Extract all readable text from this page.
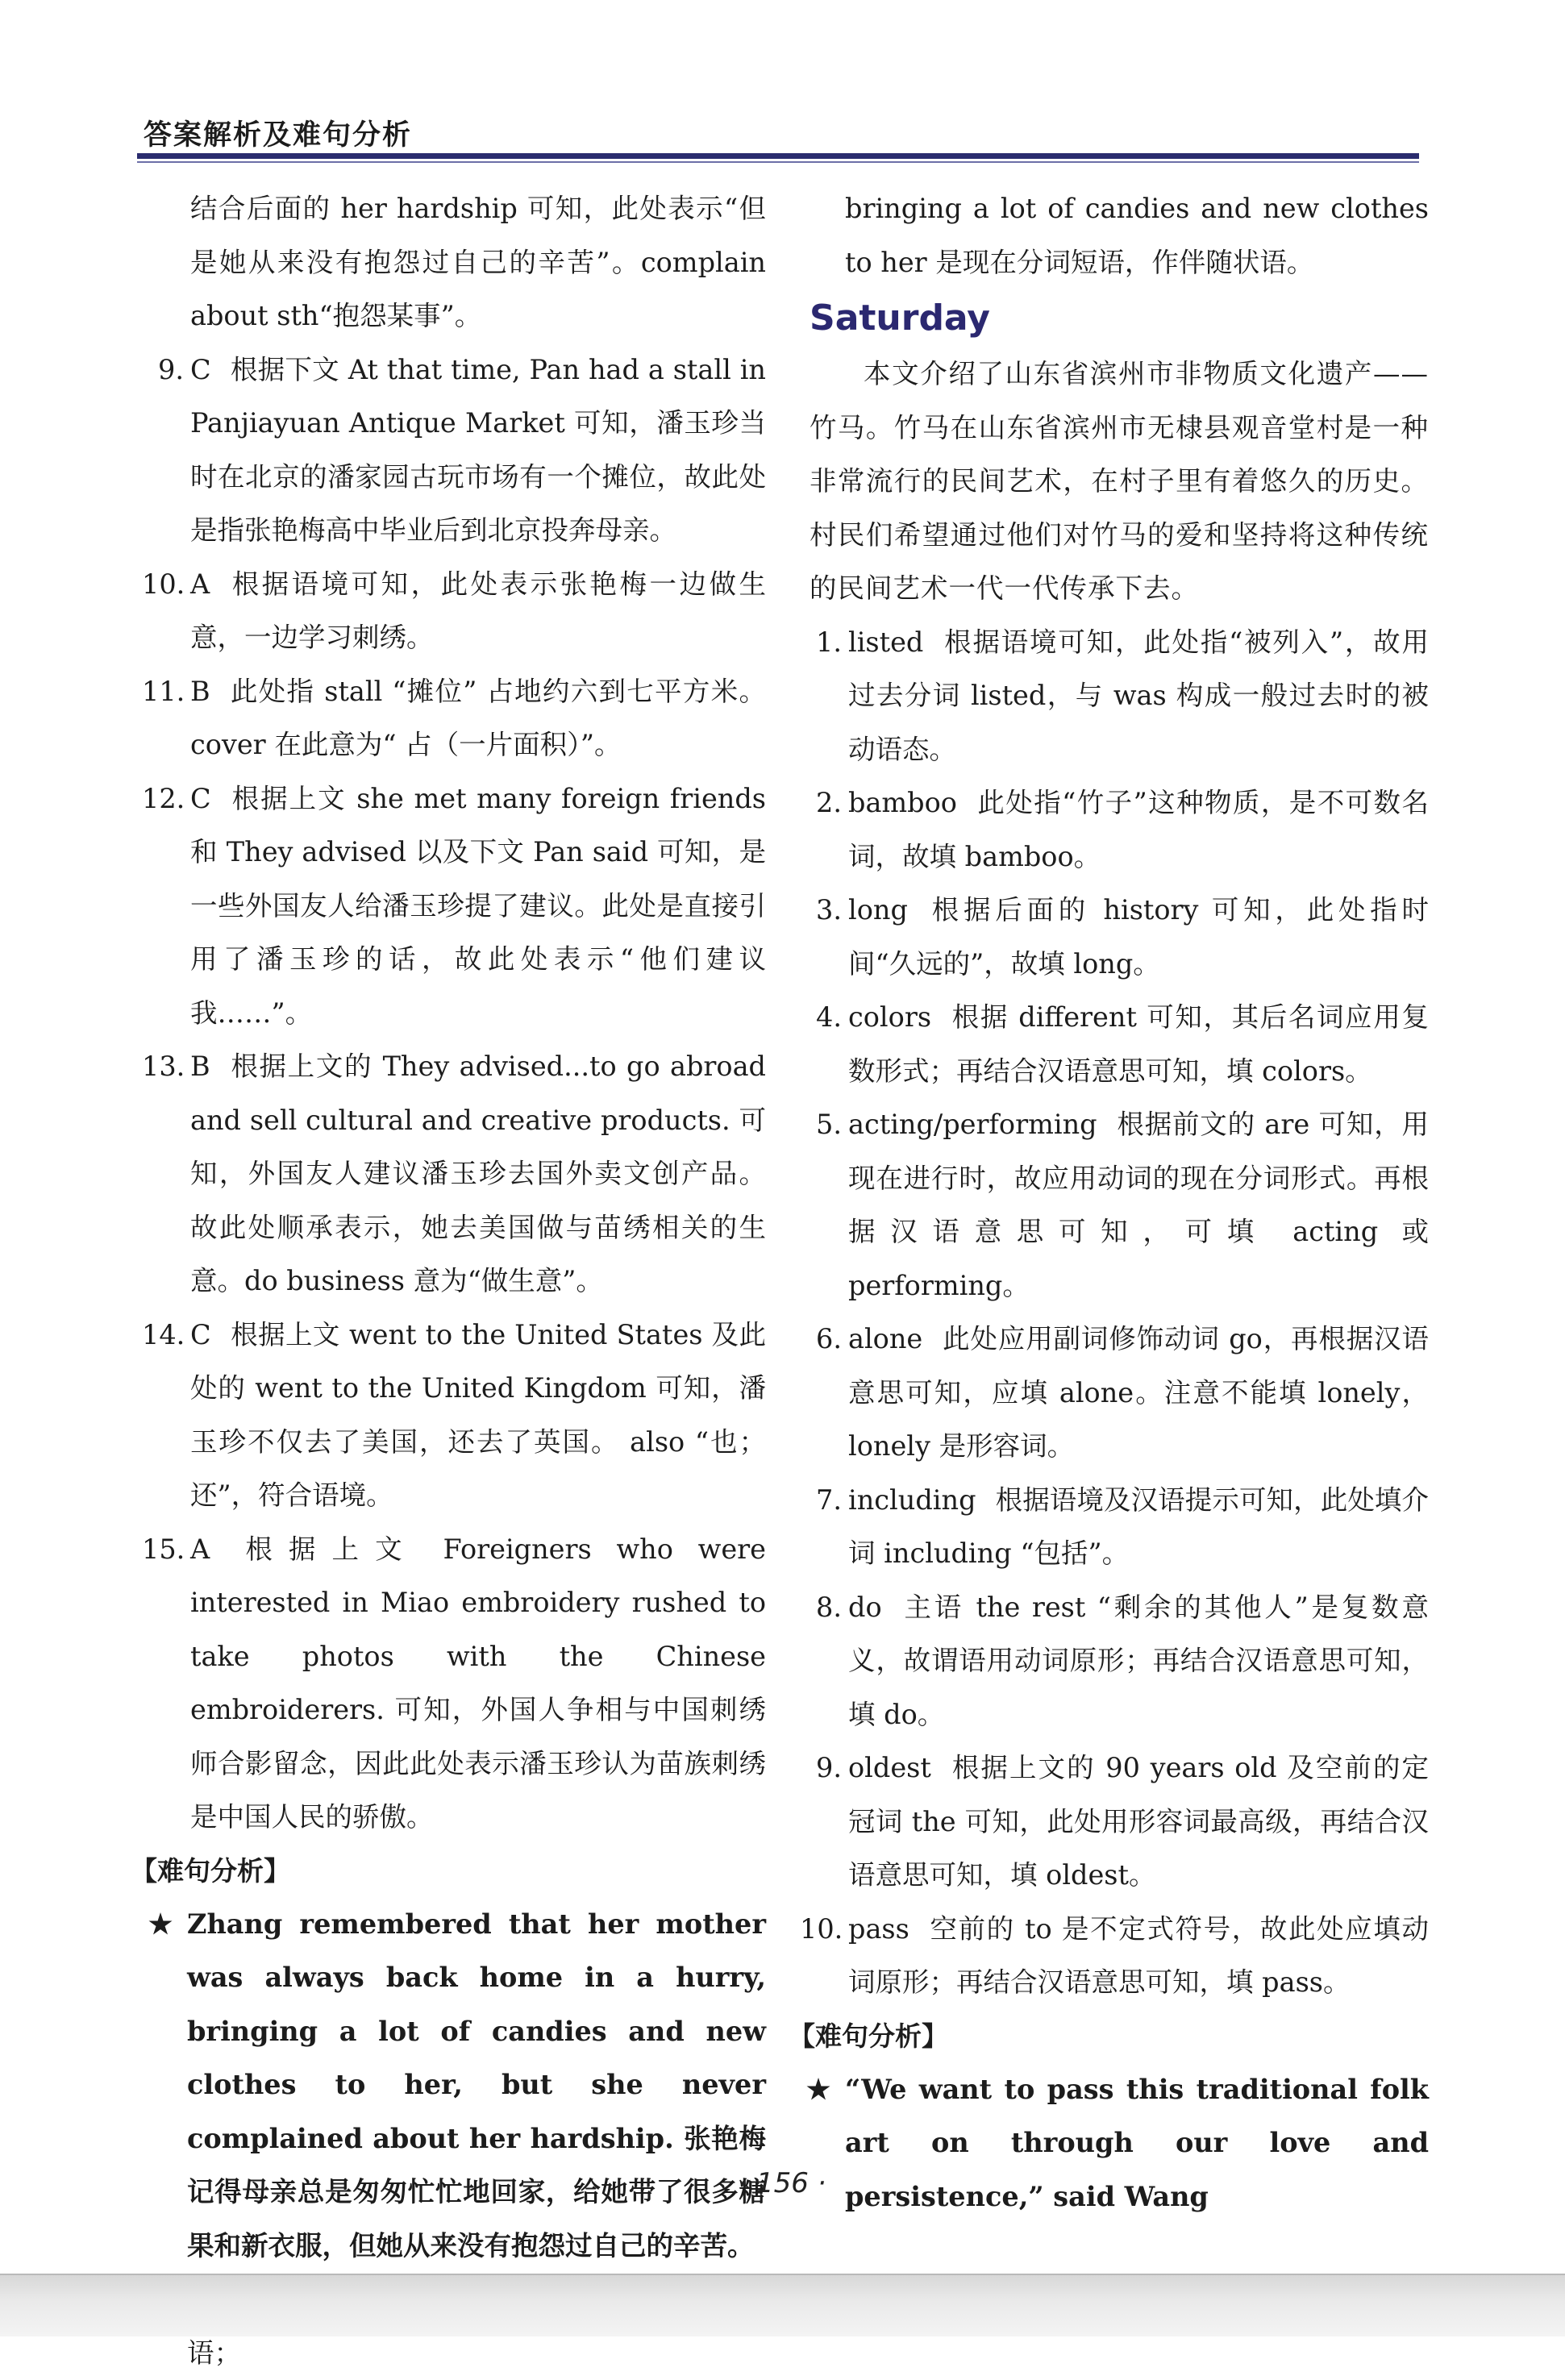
答案解析及难句分析

结合后面的 her hardship 可知，此处表示“但是她从来没有抱怨过自己的辛苦”。complain about sth“抱怨某事”。

9. C 根据下文 At that time, Pan had a stall in Panjiayuan Antique Market 可知，潘玉珍当时在北京的潘家园古玩市场有一个摊位，故此处是指张艳梅高中毕业后到北京投奔母亲。

10. A 根据语境可知，此处表示张艳梅一边做生意，一边学习刺绣。

11. B 此处指 stall “摊位” 占地约六到七平方米。cover 在此意为“ 占（一片面积）”。

12. C 根据上文 she met many foreign friends 和 They advised 以及下文 Pan said 可知，是一些外国友人给潘玉珍提了建议。此处是直接引用了潘玉珍的话，故此处表示“他们建议我……”。

13. B 根据上文的 They advised...to go abroad and sell cultural and creative products. 可知，外国友人建议潘玉珍去国外卖文创产品。 故此处顺承表示，她去美国做与苗绣相关的生意。do business 意为“做生意”。

14. C 根据上文 went to the United States 及此处的 went to the United Kingdom 可知，潘玉珍不仅去了美国，还去了英国。 also “也；还”，符合语境。

15. A 根据上文 Foreigners who were interested in Miao embroidery rushed to take photos with the Chinese embroiderers. 可知，外国人争相与中国刺绣师合影留念，因此此处表示潘玉珍认为苗族刺绣是中国人民的骄傲。

【难句分析】

★ Zhang remembered that her mother was always back home in a hurry, bringing a lot of candies and new clothes to her, but she never complained about her hardship. 张艳梅记得母亲总是匆匆忙忙地回家，给她带了很多糖果和新衣服，但她从来没有抱怨过自己的辛苦。

语；

bringing a lot of candies and new clothes to her 是现在分词短语，作伴随状语。

Saturday

本文介绍了山东省滨州市非物质文化遗产——竹马。竹马在山东省滨州市无棣县观音堂村是一种非常流行的民间艺术，在村子里有着悠久的历史。村民们希望通过他们对竹马的爱和坚持将这种传统的民间艺术一代一代传承下去。

1. listed 根据语境可知，此处指“被列入”，故用过去分词 listed，与 was 构成一般过去时的被动语态。

2. bamboo 此处指“竹子”这种物质，是不可数名词，故填 bamboo。

3. long 根据后面的 history 可知，此处指时间“久远的”，故填 long。

4. colors 根据 different 可知，其后名词应用复数形式；再结合汉语意思可知，填 colors。

5. acting/performing 根据前文的 are 可知，用现在进行时，故应用动词的现在分词形式。再根据汉语意思可知，可填 acting 或 performing。

6. alone 此处应用副词修饰动词 go，再根据汉语意思可知，应填 alone。注意不能填 lonely，lonely 是形容词。

7. including 根据语境及汉语提示可知，此处填介词 including “包括”。

8. do 主语 the rest “剩余的其他人”是复数意义，故谓语用动词原形；再结合汉语意思可知，填 do。

9. oldest 根据上文的 90 years old 及空前的定冠词 the 可知，此处用形容词最高级，再结合汉语意思可知，填 oldest。

10. pass 空前的 to 是不定式符号，故此处应填动词原形；再结合汉语意思可知，填 pass。

【难句分析】

★ “We want to pass this traditional folk art on through our love and persistence,” said Wang

· 156 ·
